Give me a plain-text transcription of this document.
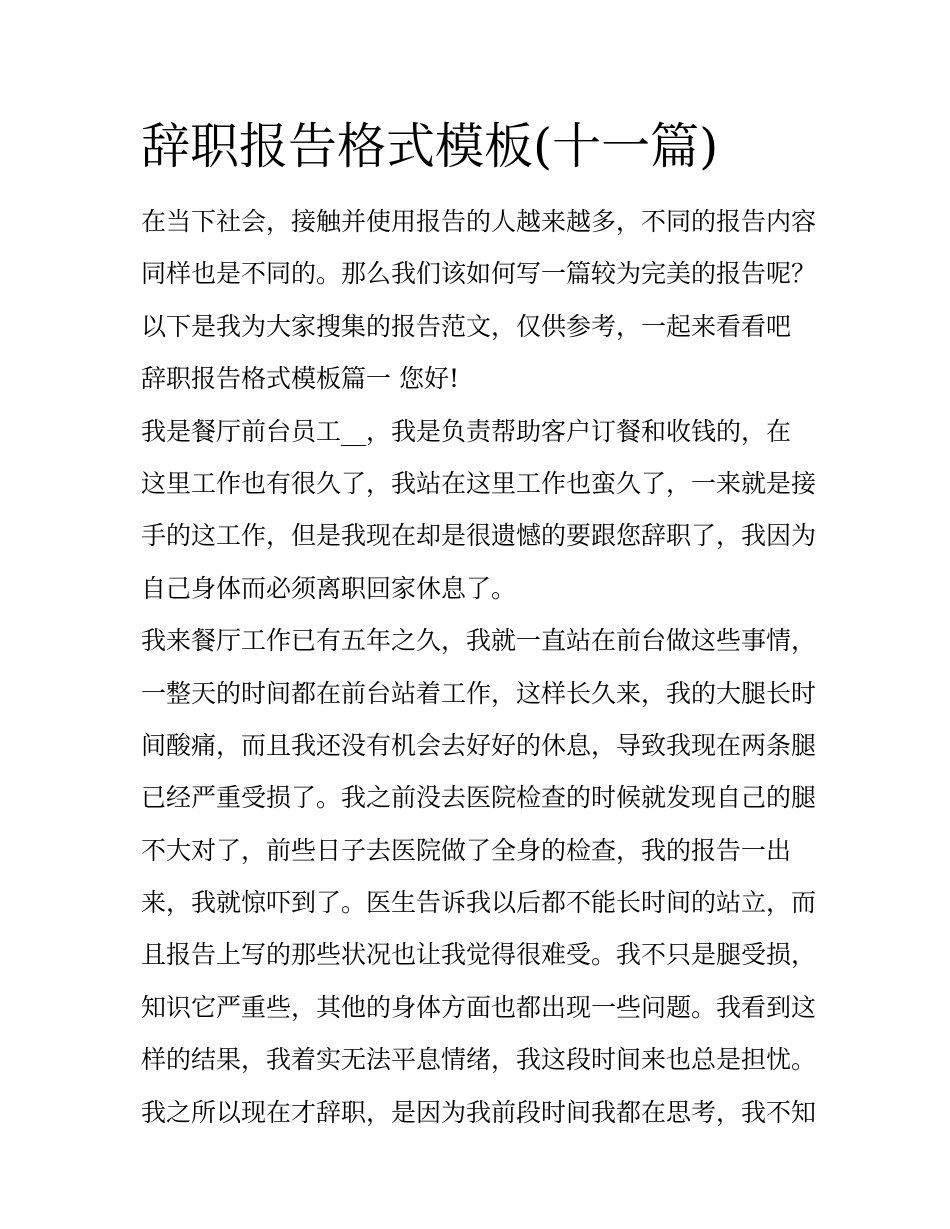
辞职报告格式模板(十一篇)
在当下社会，接触并使用报告的人越来越多，不同的报告内容
同样也是不同的。那么我们该如何写一篇较为完美的报告呢？
以下是我为大家搜集的报告范文，仅供参考，一起来看看吧
辞职报告格式模板篇一 您好!
我是餐厅前台员工__，我是负责帮助客户订餐和收钱的，在
这里工作也有很久了，我站在这里工作也蛮久了，一来就是接
手的这工作，但是我现在却是很遗憾的要跟您辞职了，我因为
自己身体而必须离职回家休息了。
我来餐厅工作已有五年之久，我就一直站在前台做这些事情，
一整天的时间都在前台站着工作，这样长久来，我的大腿长时
间酸痛，而且我还没有机会去好好的休息，导致我现在两条腿
已经严重受损了。我之前没去医院检查的时候就发现自己的腿
不大对了，前些日子去医院做了全身的检查，我的报告一出
来，我就惊吓到了。医生告诉我以后都不能长时间的站立，而
且报告上写的那些状况也让我觉得很难受。我不只是腿受损，
知识它严重些，其他的身体方面也都出现一些问题。我看到这
样的结果，我着实无法平息情绪，我这段时间来也总是担忧。
我之所以现在才辞职，是因为我前段时间我都在思考，我不知
